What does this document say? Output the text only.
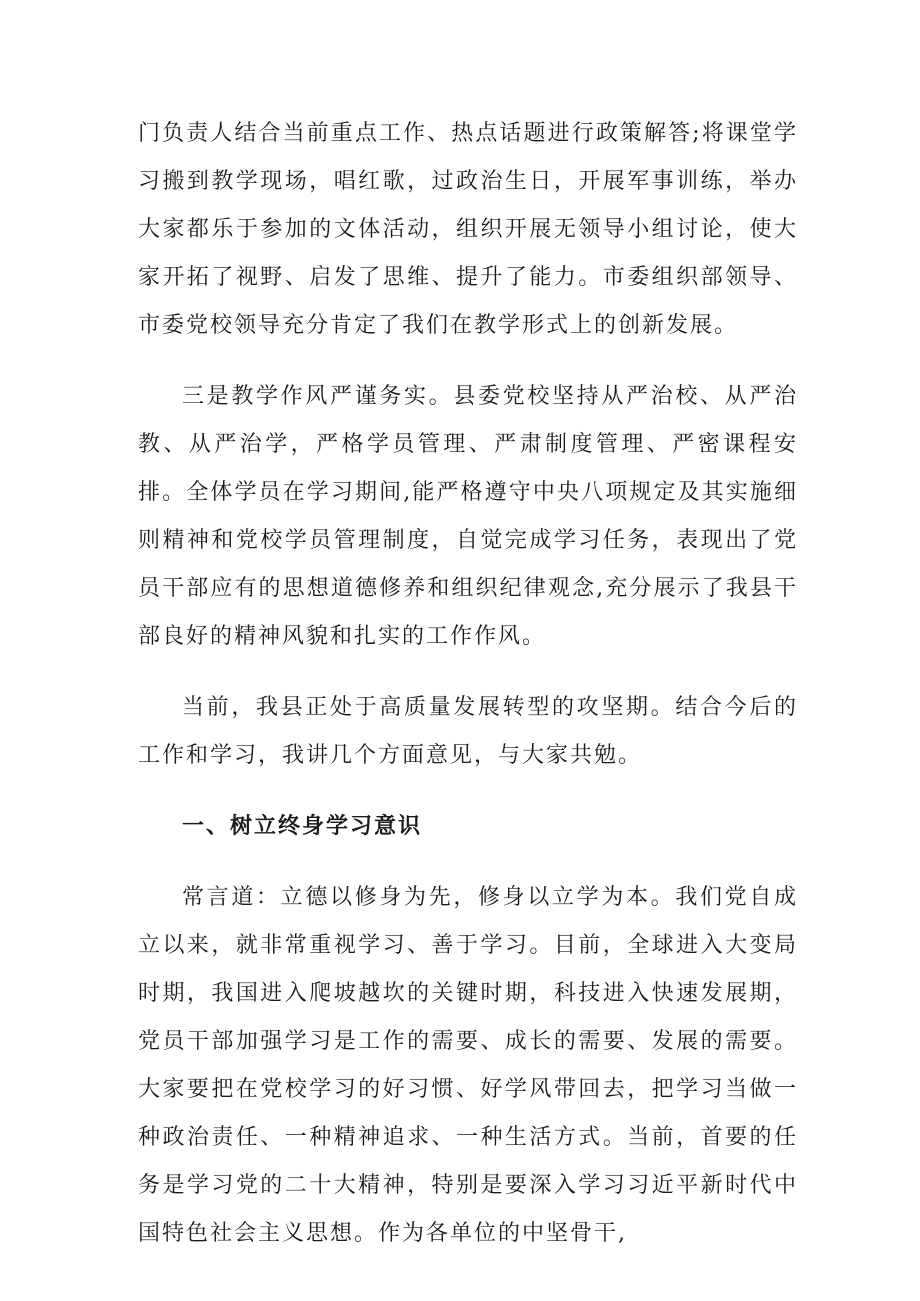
门负责人结合当前重点工作、热点话题进行政策解答;将课堂学习搬到教学现场，唱红歌，过政治生日，开展军事训练，举办大家都乐于参加的文体活动，组织开展无领导小组讨论，使大家开拓了视野、启发了思维、提升了能力。市委组织部领导、市委党校领导充分肯定了我们在教学形式上的创新发展。

三是教学作风严谨务实。县委党校坚持从严治校、从严治教、从严治学，严格学员管理、严肃制度管理、严密课程安排。全体学员在学习期间,能严格遵守中央八项规定及其实施细则精神和党校学员管理制度，自觉完成学习任务，表现出了党员干部应有的思想道德修养和组织纪律观念,充分展示了我县干部良好的精神风貌和扎实的工作作风。

当前，我县正处于高质量发展转型的攻坚期。结合今后的工作和学习，我讲几个方面意见，与大家共勉。

一、树立终身学习意识

常言道：立德以修身为先，修身以立学为本。我们党自成立以来，就非常重视学习、善于学习。目前，全球进入大变局时期，我国进入爬坡越坎的关键时期，科技进入快速发展期，党员干部加强学习是工作的需要、成长的需要、发展的需要。大家要把在党校学习的好习惯、好学风带回去，把学习当做一种政治责任、一种精神追求、一种生活方式。当前，首要的任务是学习党的二十大精神，特别是要深入学习习近平新时代中国特色社会主义思想。作为各单位的中坚骨干,
